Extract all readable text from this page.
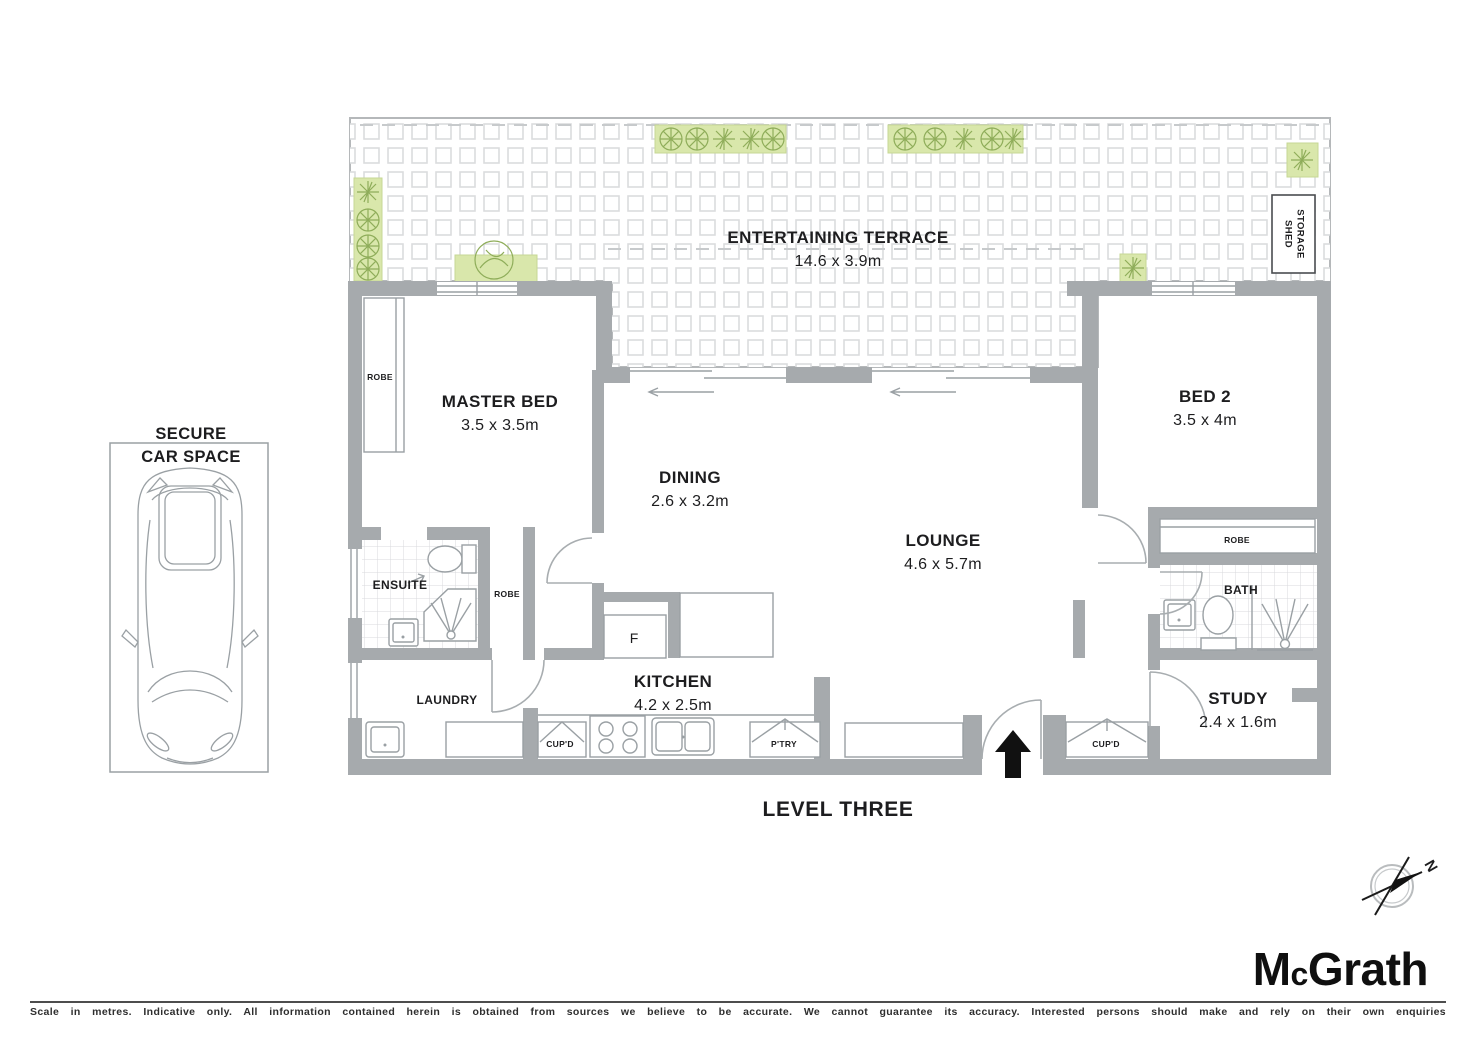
STORAGE
SHED
SECURE
CAR SPACE
N
ENTERTAINING TERRACE
14.6 x 3.9m
MASTER BED
3.5 x 3.5m
DINING
2.6 x 3.2m
LOUNGE
4.6 x 5.7m
KITCHEN
4.2 x 2.5m
BED 2
3.5 x 4m
STUDY
2.4 x 1.6m
ENSUITE
LAUNDRY
BATH
ROBE
ROBE
ROBE
CUP'D	P'TRY	CUP'D
F
LEVEL THREE
McGrath
Scale in metres. Indicative only. All information contained herein is obtained from sources we believe to be accurate. We cannot guarantee its accuracy. Interested persons should make and rely on their own enquiries
